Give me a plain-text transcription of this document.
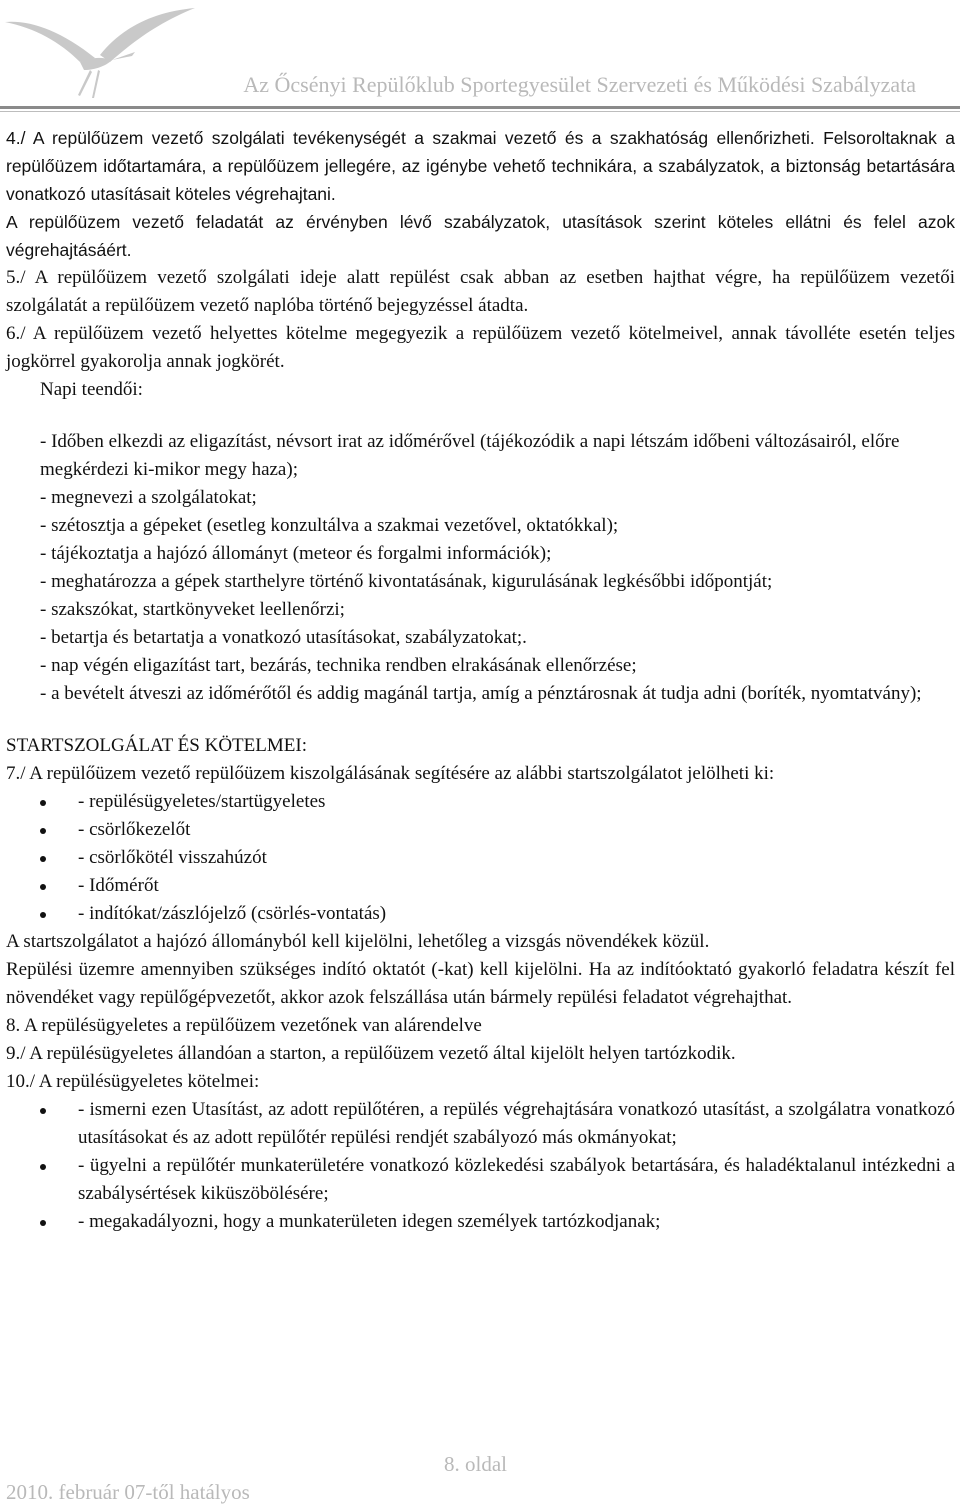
Az Őcsényi Repülőklub Sportegyesület Szervezeti és Működési Szabályzata

4./ A repülőüzem vezető szolgálati tevékenységét a szakmai vezető és a szakhatóság ellenőrizheti. Felsoroltaknak a repülőüzem időtartamára, a repülőüzem jellegére, az igénybe vehető technikára, a szabályzatok, a biztonság betartására vonatkozó utasításait köteles végrehajtani.

A repülőüzem vezető feladatát az érvényben lévő szabályzatok, utasítások szerint köteles ellátni és felel azok végrehajtásáért.

5./ A repülőüzem vezető szolgálati ideje alatt repülést csak abban az esetben hajthat végre, ha repülőüzem vezetői szolgálatát a repülőüzem vezető naplóba történő bejegyzéssel átadta.

6./ A repülőüzem vezető helyettes kötelme megegyezik a repülőüzem vezető kötelmeivel, annak távolléte esetén teljes jogkörrel gyakorolja annak jogkörét.

Napi teendői:

- Időben elkezdi az eligazítást, névsort irat az időmérővel (tájékozódik a napi létszám időbeni változásairól, előre megkérdezi ki-mikor megy haza);

- megnevezi a szolgálatokat;

- szétosztja a gépeket (esetleg konzultálva a szakmai vezetővel, oktatókkal);

- tájékoztatja a hajózó állományt (meteor és forgalmi információk);

- meghatározza a gépek starthelyre történő kivontatásának, kigurulásának legkésőbbi időpontját;

- szakszókat, startkönyveket leellenőrzi;

- betartja és betartatja a vonatkozó utasításokat, szabályzatokat;.

- nap végén eligazítást tart, bezárás, technika rendben elrakásának ellenőrzése;

- a bevételt átveszi az időmérőtől és addig magánál tartja, amíg a pénztárosnak át tudja adni (boríték, nyomtatvány);

STARTSZOLGÁLAT ÉS KÖTELMEI:

7./ A repülőüzem vezető repülőüzem kiszolgálásának segítésére az alábbi startszolgálatot jelölheti ki:

- repülésügyeletes/startügyeletes
- csörlőkezelőt
- csörlőkötél visszahúzót
- Időmérőt
- indítókat/zászlójelző (csörlés-vontatás)

A startszolgálatot a hajózó állományból kell kijelölni, lehetőleg a vizsgás növendékek közül.

Repülési üzemre amennyiben szükséges indító oktatót (-kat) kell kijelölni. Ha az indítóoktató gyakorló feladatra készít fel növendéket vagy repülőgépvezetőt, akkor azok felszállása után bármely repülési feladatot végrehajthat.

8. A repülésügyeletes a repülőüzem vezetőnek van alárendelve

9./ A repülésügyeletes állandóan a starton, a repülőüzem vezető által kijelölt helyen tartózkodik.

10./ A repülésügyeletes kötelmei:

- ismerni ezen Utasítást, az adott repülőtéren, a repülés végrehajtására vonatkozó utasítást, a szolgálatra vonatkozó utasításokat és az adott repülőtér repülési rendjét szabályozó más okmányokat;
- ügyelni a repülőtér munkaterületére vonatkozó közlekedési szabályok betartására, és haladéktalanul intézkedni a szabálysértések kiküszöbölésére;
- megakadályozni, hogy a munkaterületen idegen személyek tartózkodjanak;
8. oldal
2010. február 07-től hatályos
